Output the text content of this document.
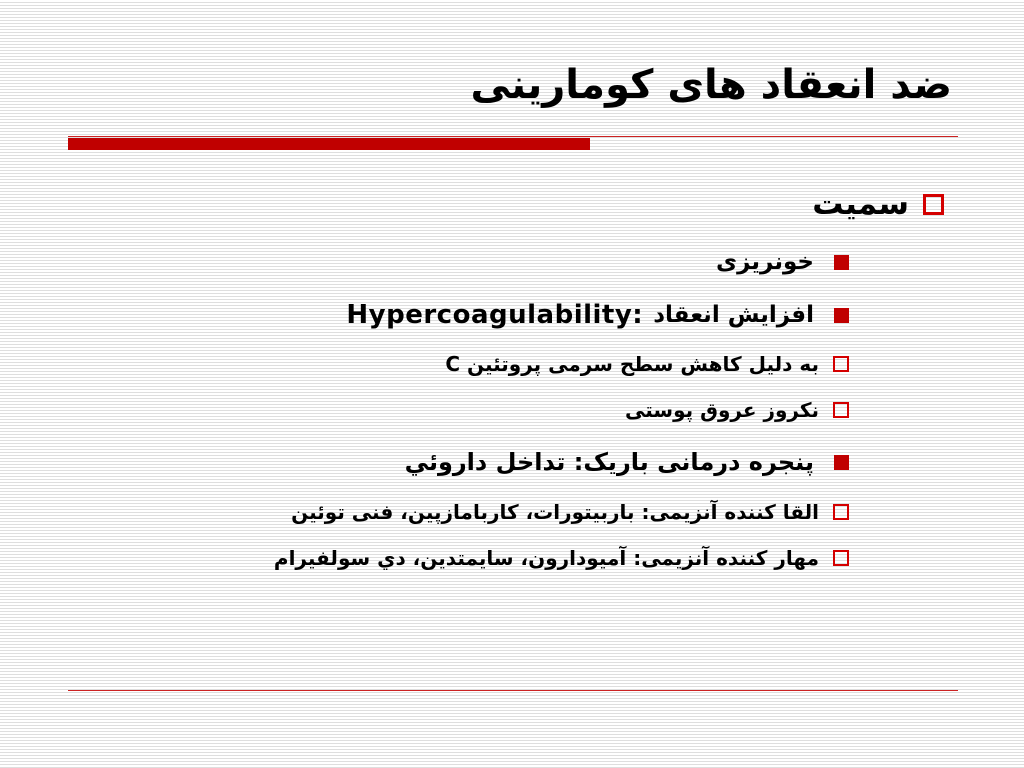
ضد انعقاد های کومارینی
سمیت
خونریزی
افزایش انعقاد
Hypercoagulability:
به دلیل کاهش سطح سرمی پروتئین C
نکروز عروق پوستی
پنجره درمانی باریک: تداخل داروئي
القا کننده آنزیمی: باربیتورات، کاربامازپین، فنی توئین
مهار کننده آنزیمی: آمیودارون، سایمتدین، دي سولفیرام
